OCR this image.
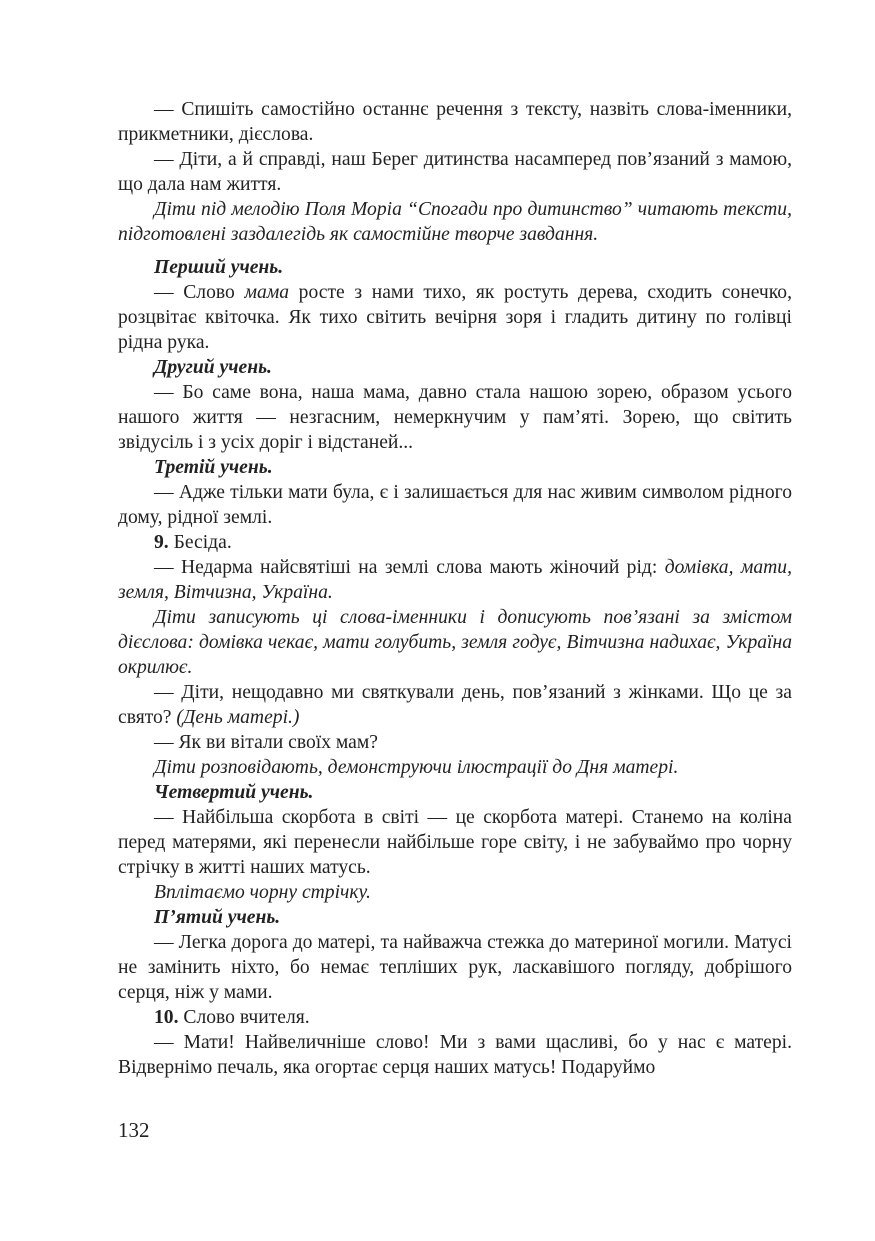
— Спишіть самостійно останнє речення з тексту, назвіть слова-іменники, прикметники, дієслова.

— Діти, а й справді, наш Берег дитинства насамперед пов’язаний з мамою, що дала нам життя.

Діти під мелодію Поля Моріа “Спогади про дитинство” читають тексти, підготовлені заздалегідь як самостійне творче завдання.

Перший учень.

— Слово мама росте з нами тихо, як ростуть дерева, сходить сонечко, розцвітає квіточка. Як тихо світить вечірня зоря і гладить дитину по голівці рідна рука.

Другий учень.

— Бо саме вона, наша мама, давно стала нашою зорею, образом усього нашого життя — незгасним, немеркнучим у пам’яті. Зорею, що світить звідусіль і з усіх доріг і відстаней...

Третій учень.

— Адже тільки мати була, є і залишається для нас живим символом рідного дому, рідної землі.

9. Бесіда.

— Недарма найсвятіші на землі слова мають жіночий рід: домівка, мати, земля, Вітчизна, Україна.

Діти записують ці слова-іменники і дописують пов’язані за змістом дієслова: домівка чекає, мати голубить, земля годує, Вітчизна надихає, Україна окрилює.

— Діти, нещодавно ми святкували день, пов’язаний з жінками. Що це за свято? (День матері.)

— Як ви вітали своїх мам?

Діти розповідають, демонструючи ілюстрації до Дня матері.

Четвертий учень.

— Найбільша скорбота в світі — це скорбота матері. Станемо на коліна перед матерями, які перенесли найбільше горе світу, і не забуваймо про чорну стрічку в житті наших матусь.

Вплітаємо чорну стрічку.

П’ятий учень.

— Легка дорога до матері, та найважча стежка до материної могили. Матусі не замінить ніхто, бо немає тепліших рук, ласкавішого погляду, добрішого серця, ніж у мами.

10. Слово вчителя.

— Мати! Найвеличніше слово! Ми з вами щасливі, бо у нас є матері. Відвернімо печаль, яка огортає серця наших матусь! Подаруймо

132
